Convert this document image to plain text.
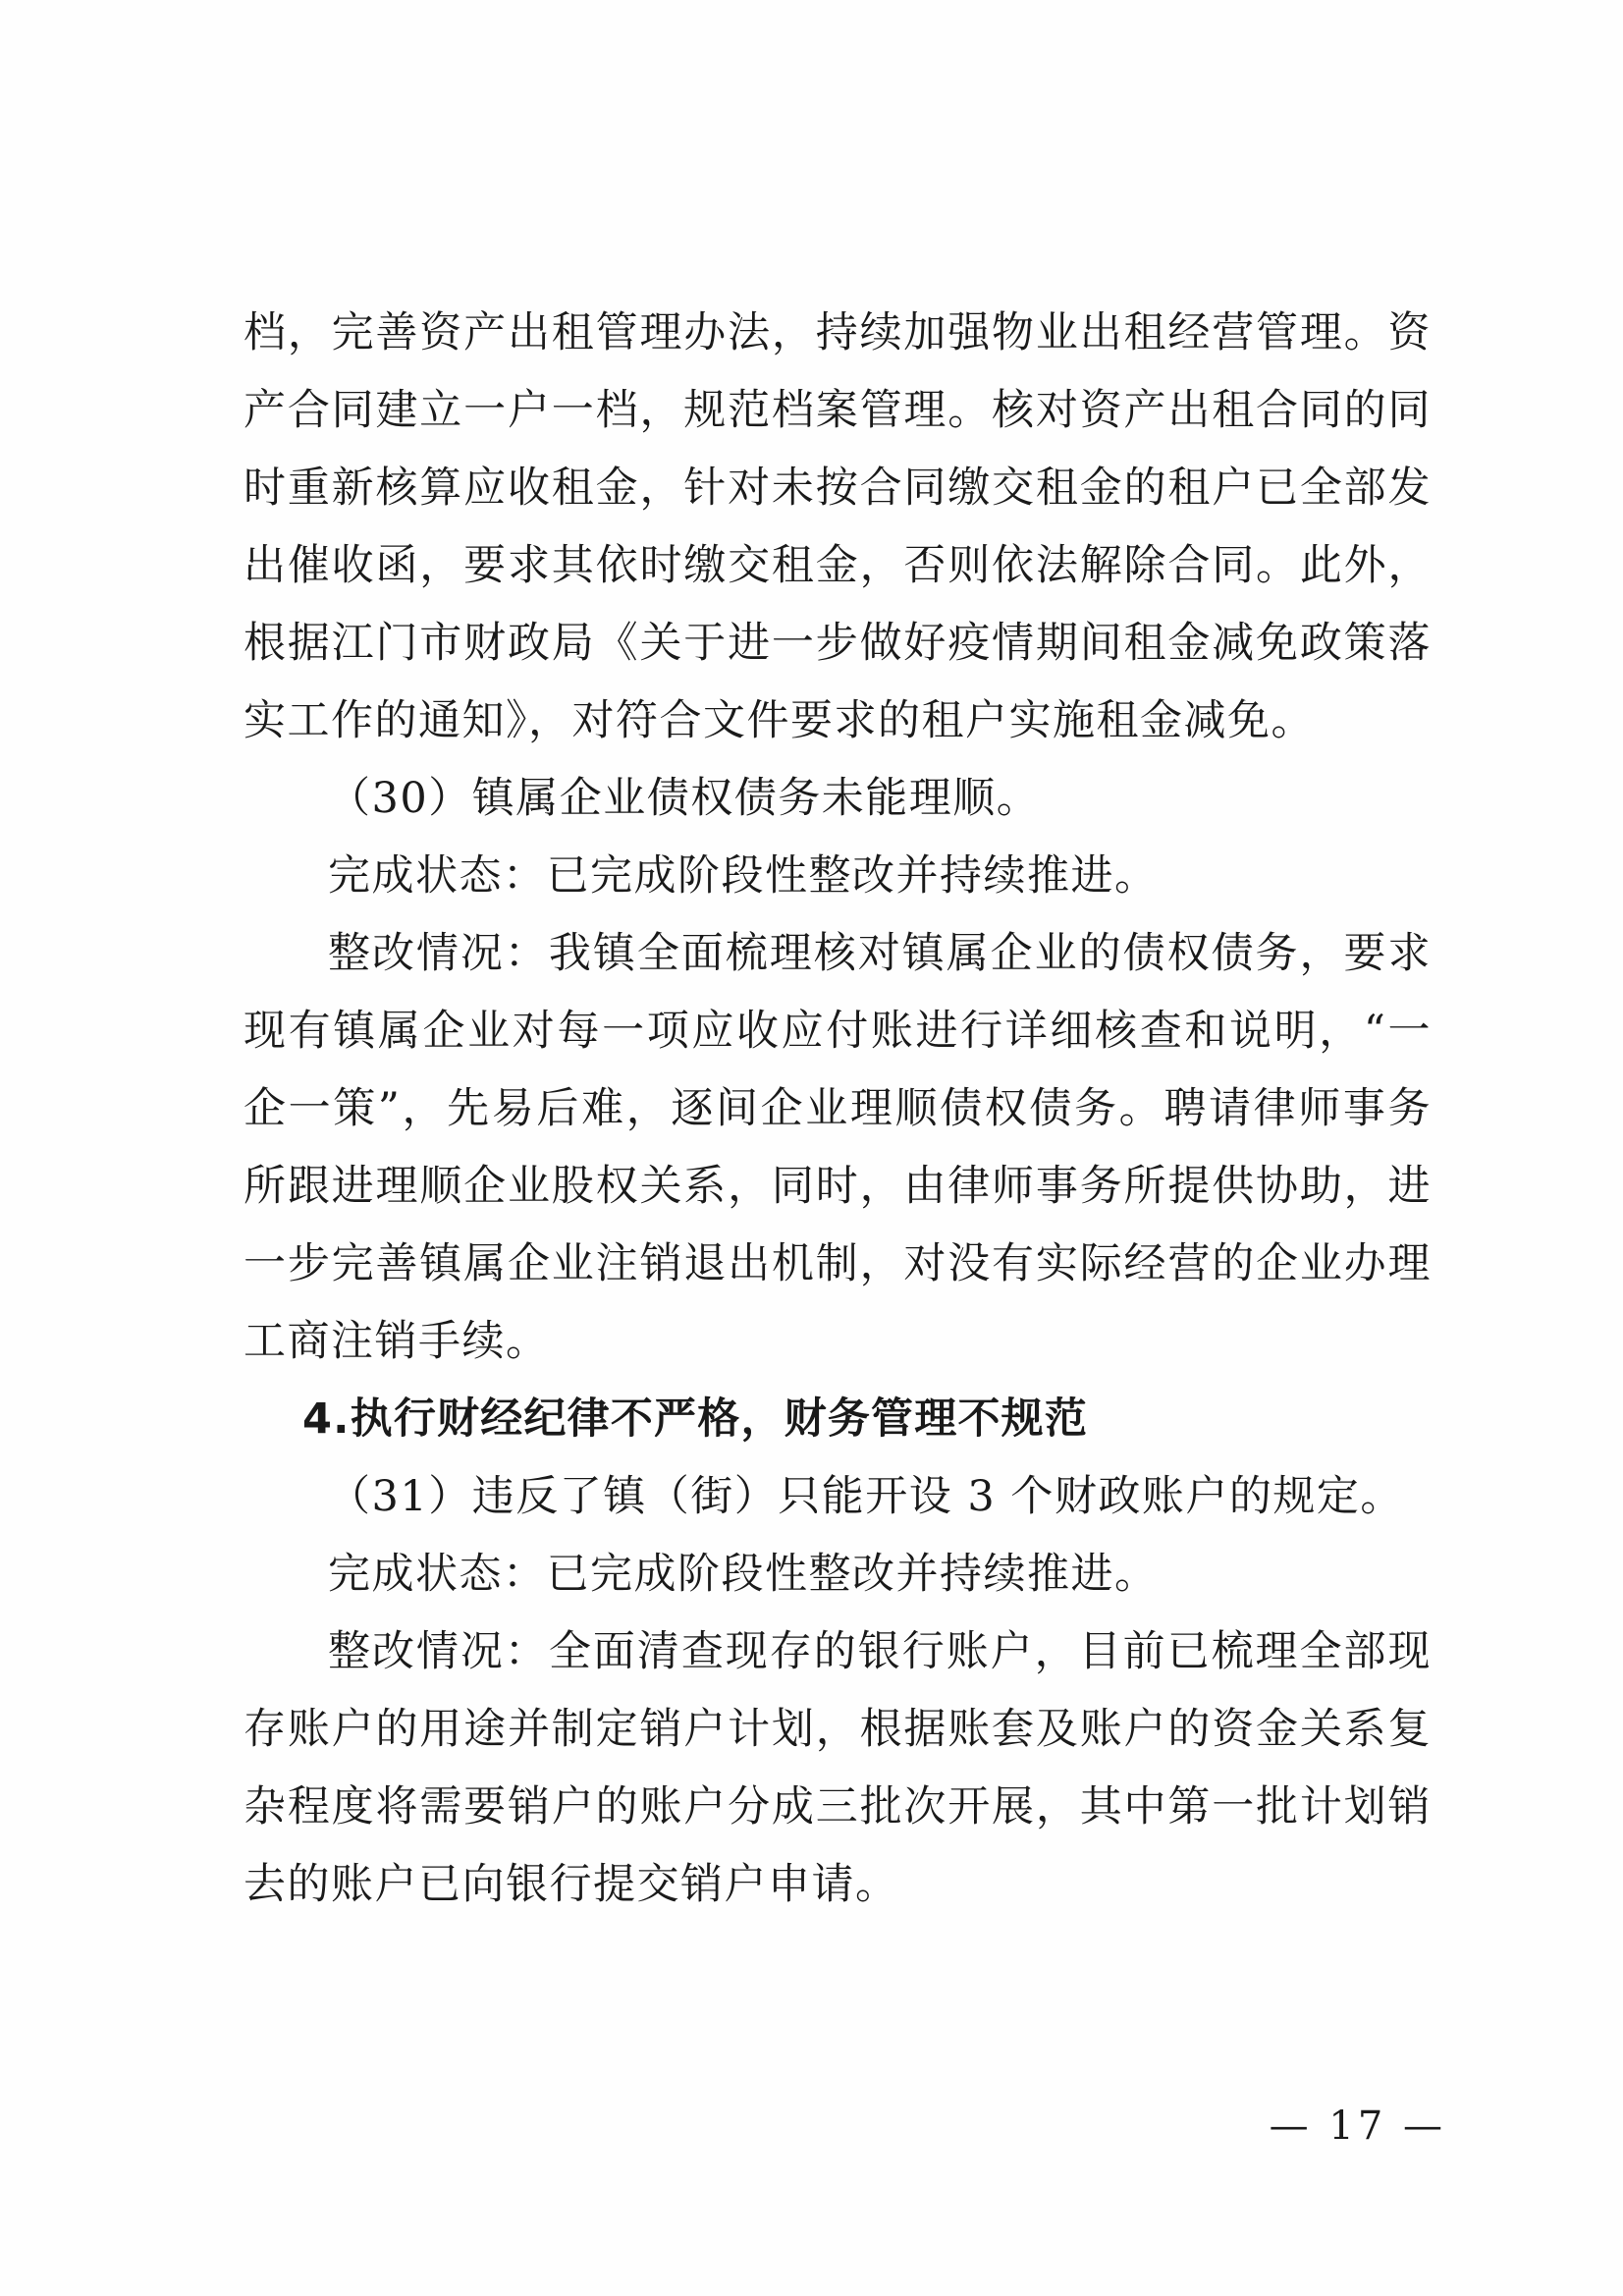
档，完善资产出租管理办法，持续加强物业出租经营管理。资产合同建立一户一档，规范档案管理。核对资产出租合同的同时重新核算应收租金，针对未按合同缴交租金的租户已全部发出催收函，要求其依时缴交租金，否则依法解除合同。此外，根据江门市财政局《关于进一步做好疫情期间租金减免政策落实工作的通知》，对符合文件要求的租户实施租金减免。

（30）镇属企业债权债务未能理顺。

完成状态：已完成阶段性整改并持续推进。

整改情况：我镇全面梳理核对镇属企业的债权债务，要求现有镇属企业对每一项应收应付账进行详细核查和说明，“一企一策”，先易后难，逐间企业理顺债权债务。聘请律师事务所跟进理顺企业股权关系，同时，由律师事务所提供协助，进一步完善镇属企业注销退出机制，对没有实际经营的企业办理工商注销手续。

4.执行财经纪律不严格，财务管理不规范

（31）违反了镇（街）只能开设 3 个财政账户的规定。

完成状态：已完成阶段性整改并持续推进。

整改情况：全面清查现存的银行账户，目前已梳理全部现存账户的用途并制定销户计划，根据账套及账户的资金关系复杂程度将需要销户的账户分成三批次开展，其中第一批计划销去的账户已向银行提交销户申请。

— 17 —
